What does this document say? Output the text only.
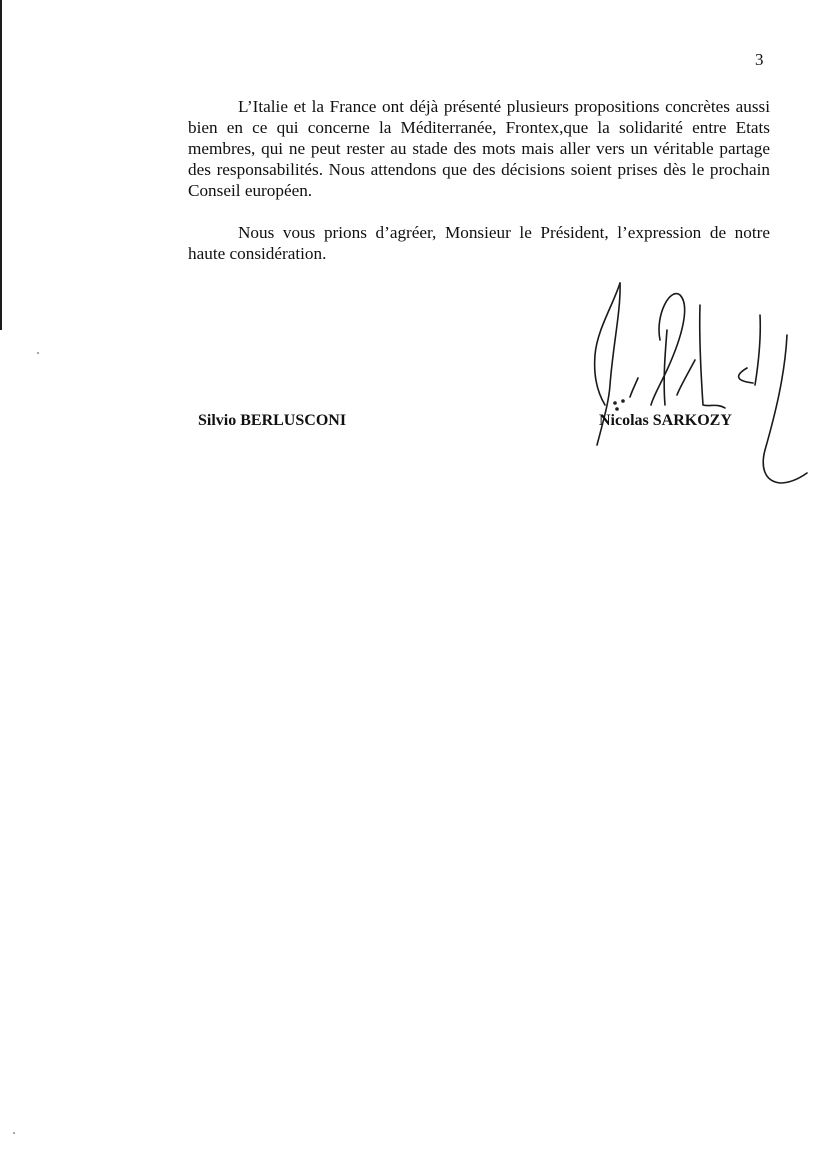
3

L’Italie et la France ont déjà présenté plusieurs propositions concrètes aussi bien en ce qui concerne la Méditerranée, Frontex,que la solidarité entre Etats membres, qui ne peut rester au stade des mots mais aller vers un véritable partage des responsabilités. Nous attendons que des décisions soient prises dès le prochain Conseil européen.

Nous vous prions d’agréer, Monsieur le Président, l’expression de notre haute considération.

Silvio BERLUSCONI	Nicolas SARKOZY
